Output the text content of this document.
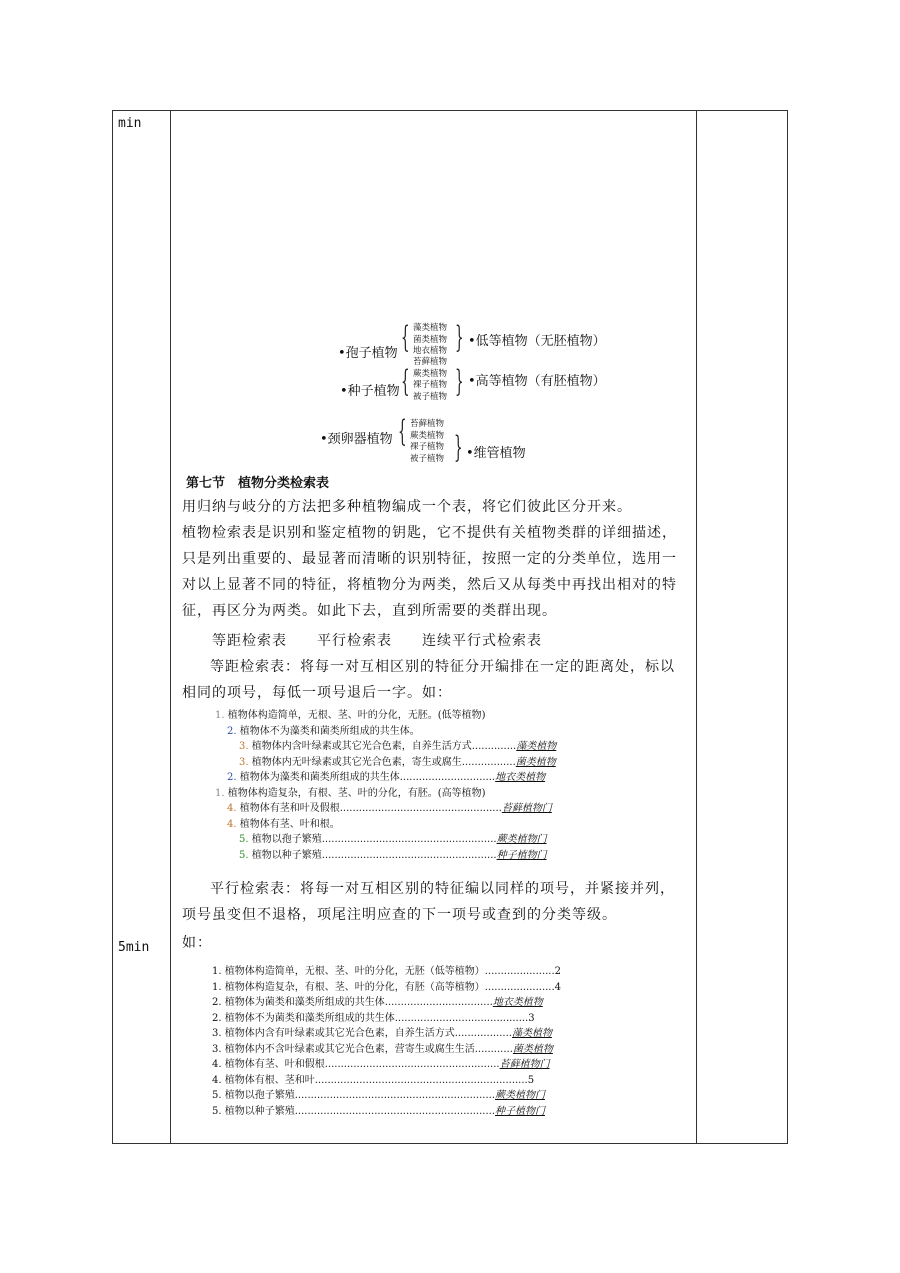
min
5min
•孢子植物
•种子植物
{
{
藻类植物
菌类植物
地衣植物
苔藓植物
蕨类植物
裸子植物
被子植物
}
}
•低等植物（无胚植物）
•高等植物（有胚植物）
•颈卵器植物 { 苔藓植物
蕨类植物
裸子植物
被子植物 } •维管植物
第七节　植物分类检索表
用归纳与岐分的方法把多种植物编成一个表，将它们彼此区分开来。
植物检索表是识别和鉴定植物的钥匙，它不提供有关植物类群的详细描述，只是列出重要的、最显著而清晰的识别特征，按照一定的分类单位，选用一对以上显著不同的特征，将植物分为两类，然后又从每类中再找出相对的特征，再区分为两类。如此下去，直到所需要的类群出现。
等距检索表　　平行检索表　　连续平行式检索表
等距检索表：将每一对互相区别的特征分开编排在一定的距离处，标以相同的项号，每低一项号退后一字。如：
1. 植物体构造简单，无根、茎、叶的分化，无胚。(低等植物)
2. 植物体不为藻类和菌类所组成的共生体。
3. 植物体内含叶绿素或其它光合色素，自养生活方式..............藻类植物
3. 植物体内无叶绿素或其它光合色素，寄生或腐生.................菌类植物
2. 植物体为藻类和菌类所组成的共生体..............................地衣类植物
1. 植物体构造复杂，有根、茎、叶的分化，有胚。(高等植物)
4. 植物体有茎和叶及假根...................................................苔藓植物门
4. 植物体有茎、叶和根。
5. 植物以孢子繁殖.......................................................蕨类植物门
5. 植物以种子繁殖.......................................................种子植物门
平行检索表：将每一对互相区别的特征编以同样的项号，并紧接并列，项号虽变但不退格，项尾注明应查的下一项号或查到的分类等级。
如：
1. 植物体构造简单，无根、茎、叶的分化，无胚（低等植物）......................2
1. 植物体构造复杂，有根、茎、叶的分化，有胚（高等植物）......................4
2. 植物体为菌类和藻类所组成的共生体..................................地衣类植物
2. 植物体不为菌类和藻类所组成的共生体..........................................3
3. 植物体内含有叶绿素或其它光合色素，自养生活方式..................藻类植物
3. 植物体内不含叶绿素或其它光合色素，营寄生或腐生生活............菌类植物
4. 植物体有茎、叶和假根.......................................................苔藓植物门
4. 植物体有根、茎和叶...................................................................5
5. 植物以孢子繁殖...............................................................蕨类植物门
5. 植物以种子繁殖...............................................................种子植物门
